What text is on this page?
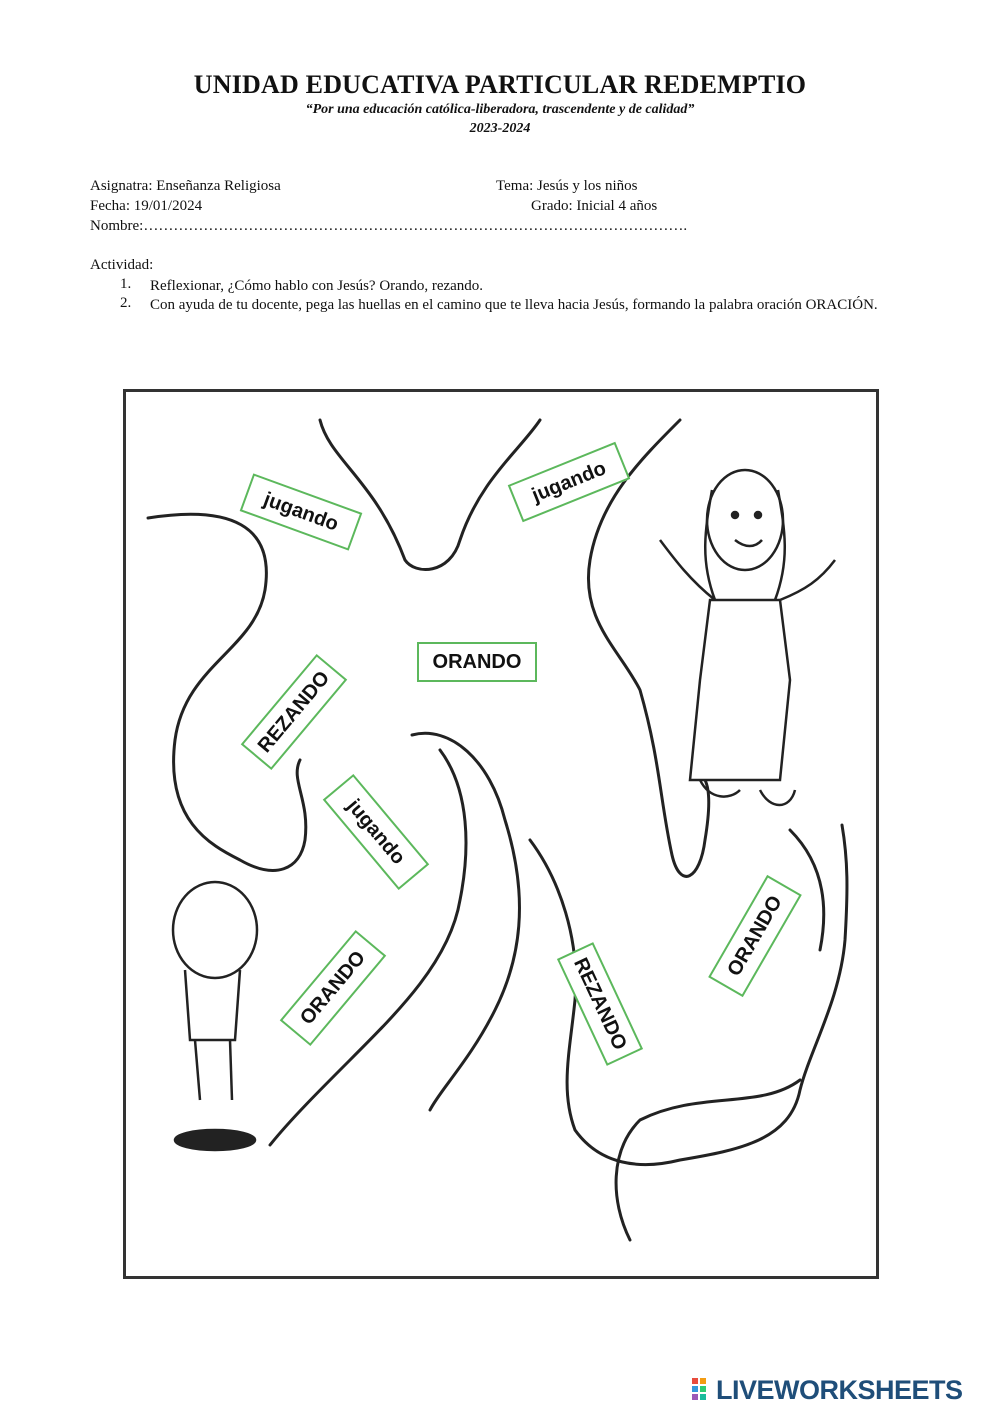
UNIDAD EDUCATIVA PARTICULAR REDEMPTIO
“Por una educación católica-liberadora, trascendente y de calidad”
2023-2024
Asignatra: Enseñanza Religiosa	Tema: Jesús y los niños
Fecha: 19/01/2024	Grado: Inicial 4 años
Nombre:……………………………………………………………………………………………….
Actividad:
1. Reflexionar, ¿Cómo hablo con Jesús? Orando, rezando.
2. Con ayuda de tu docente, pega las huellas en el camino que te lleva hacia Jesús, formando la palabra oración ORACIÓN.
jugando
jugando
ORANDO
REZANDO
jugando
ORANDO	REZANDO
ORANDO
LIVEWORKSHEETS
